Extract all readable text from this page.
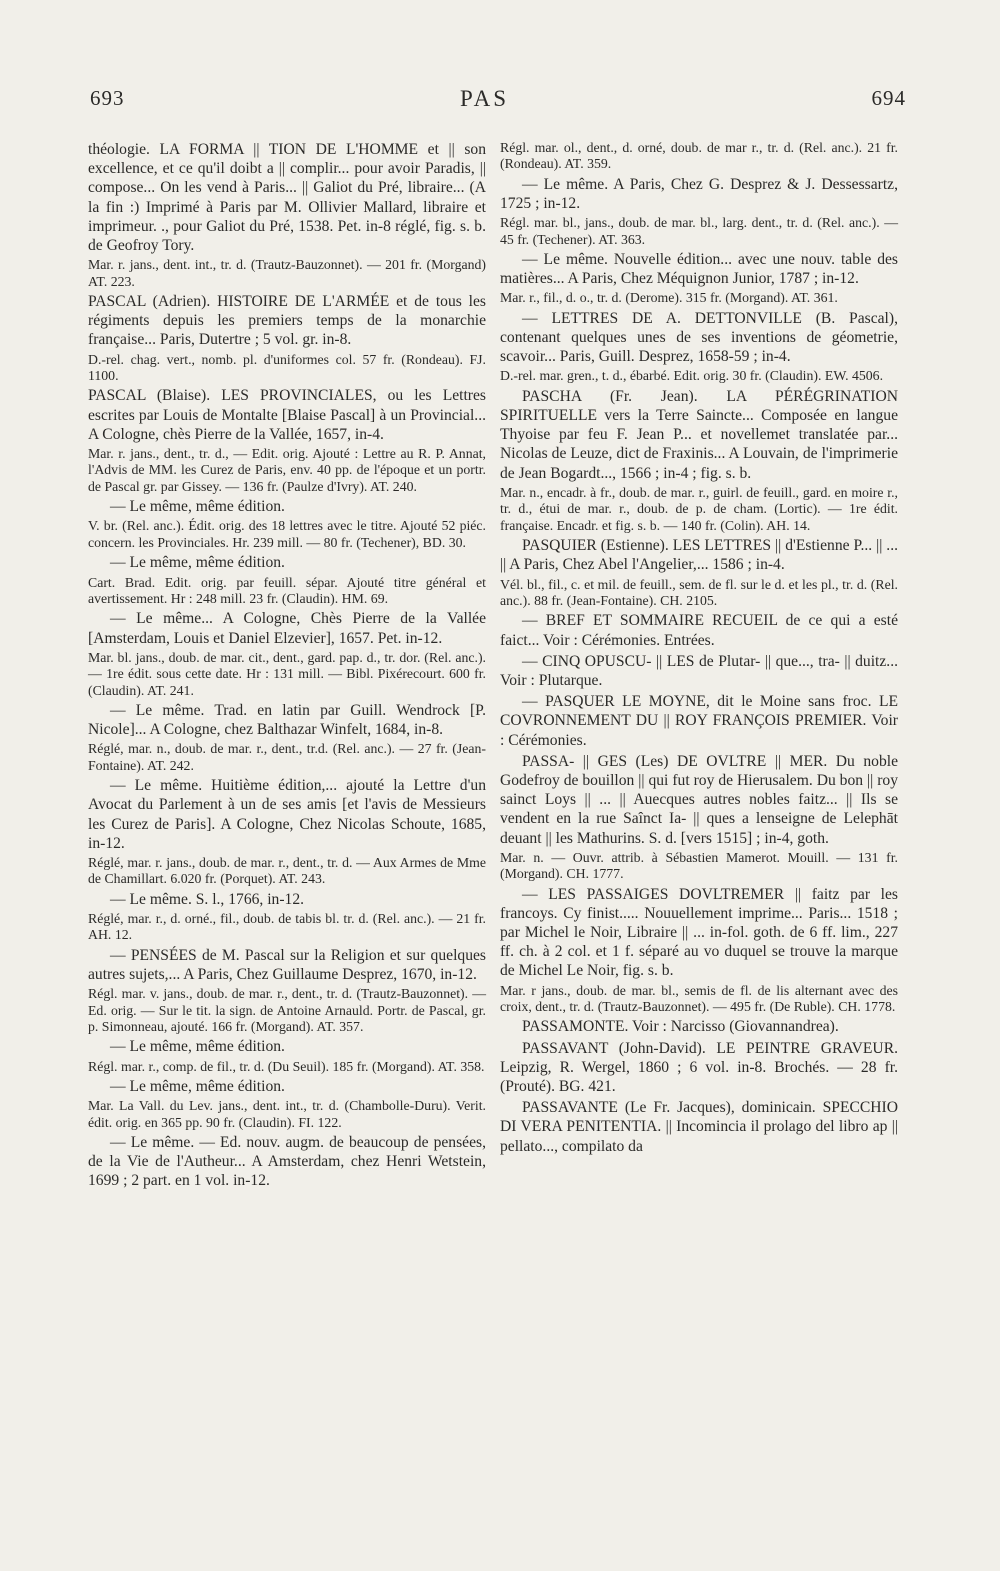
693	PAS	694

théologie. LA FORMA || TION DE L'HOMME et || son excellence, et ce qu'il doibt a || complir... pour avoir Paradis, || compose... On les vend à Paris... || Galiot du Pré, libraire... (A la fin :) Imprimé à Paris par M. Ollivier Mallard, libraire et imprimeur. ., pour Galiot du Pré, 1538. Pet. in-8 réglé, fig. s. b. de Geofroy Tory.

Mar. r. jans., dent. int., tr. d. (Trautz-Bauzonnet). — 201 fr. (Morgand) AT. 223.

PASCAL (Adrien). HISTOIRE DE L'ARMÉE et de tous les régiments depuis les premiers temps de la monarchie française... Paris, Dutertre ; 5 vol. gr. in-8.

D.-rel. chag. vert., nomb. pl. d'uniformes col. 57 fr. (Rondeau). FJ. 1100.

PASCAL (Blaise). LES PROVINCIALES, ou les Lettres escrites par Louis de Montalte [Blaise Pascal] à un Provincial... A Cologne, chès Pierre de la Vallée, 1657, in-4.

Mar. r. jans., dent., tr. d., — Edit. orig. Ajouté : Lettre au R. P. Annat, l'Advis de MM. les Curez de Paris, env. 40 pp. de l'époque et un portr. de Pascal gr. par Gissey. — 136 fr. (Paulze d'Ivry). AT. 240.

— Le même, même édition.

V. br. (Rel. anc.). Édit. orig. des 18 lettres avec le titre. Ajouté 52 piéc. concern. les Provinciales. Hr. 239 mill. — 80 fr. (Techener), BD. 30.

— Le même, même édition.

Cart. Brad. Edit. orig. par feuill. sépar. Ajouté titre général et avertissement. Hr : 248 mill. 23 fr. (Claudin). HM. 69.

— Le même... A Cologne, Chès Pierre de la Vallée [Amsterdam, Louis et Daniel Elzevier], 1657. Pet. in-12.

Mar. bl. jans., doub. de mar. cit., dent., gard. pap. d., tr. dor. (Rel. anc.). — 1re édit. sous cette date. Hr : 131 mill. — Bibl. Pixérecourt. 600 fr. (Claudin). AT. 241.

— Le même. Trad. en latin par Guill. Wendrock [P. Nicole]... A Cologne, chez Balthazar Winfelt, 1684, in-8.

Réglé, mar. n., doub. de mar. r., dent., tr.d. (Rel. anc.). — 27 fr. (Jean-Fontaine). AT. 242.

— Le même. Huitième édition,... ajouté la Lettre d'un Avocat du Parlement à un de ses amis [et l'avis de Messieurs les Curez de Paris]. A Cologne, Chez Nicolas Schoute, 1685, in-12.

Réglé, mar. r. jans., doub. de mar. r., dent., tr. d. — Aux Armes de Mme de Chamillart. 6.020 fr. (Porquet). AT. 243.

— Le même. S. l., 1766, in-12.

Réglé, mar. r., d. orné., fil., doub. de tabis bl. tr. d. (Rel. anc.). — 21 fr. AH. 12.

— PENSÉES de M. Pascal sur la Religion et sur quelques autres sujets,... A Paris, Chez Guillaume Desprez, 1670, in-12.

Régl. mar. v. jans., doub. de mar. r., dent., tr. d. (Trautz-Bauzonnet). — Ed. orig. — Sur le tit. la sign. de Antoine Arnauld. Portr. de Pascal, gr. p. Simonneau, ajouté. 166 fr. (Morgand). AT. 357.

— Le même, même édition.

Régl. mar. r., comp. de fil., tr. d. (Du Seuil). 185 fr. (Morgand). AT. 358.

— Le même, même édition.

Mar. La Vall. du Lev. jans., dent. int., tr. d. (Chambolle-Duru). Verit. édit. orig. en 365 pp. 90 fr. (Claudin). FI. 122.

— Le même. — Ed. nouv. augm. de beaucoup de pensées, de la Vie de l'Autheur... A Amsterdam, chez Henri Wetstein, 1699 ; 2 part. en 1 vol. in-12.

Régl. mar. ol., dent., d. orné, doub. de mar r., tr. d. (Rel. anc.). 21 fr. (Rondeau). AT. 359.

— Le même. A Paris, Chez G. Desprez & J. Dessessartz, 1725 ; in-12.

Régl. mar. bl., jans., doub. de mar. bl., larg. dent., tr. d. (Rel. anc.). — 45 fr. (Techener). AT. 363.

— Le même. Nouvelle édition... avec une nouv. table des matières... A Paris, Chez Méquignon Junior, 1787 ; in-12.

Mar. r., fil., d. o., tr. d. (Derome). 315 fr. (Morgand). AT. 361.

— LETTRES DE A. DETTONVILLE (B. Pascal), contenant quelques unes de ses inventions de géometrie, scavoir... Paris, Guill. Desprez, 1658-59 ; in-4.

D.-rel. mar. gren., t. d., ébarbé. Edit. orig. 30 fr. (Claudin). EW. 4506.

PASCHA (Fr. Jean). LA PÉRÉGRINATION SPIRITUELLE vers la Terre Saincte... Composée en langue Thyoise par feu F. Jean P... et novellemet translatée par... Nicolas de Leuze, dict de Fraxinis... A Louvain, de l'imprimerie de Jean Bogardt..., 1566 ; in-4 ; fig. s. b.

Mar. n., encadr. à fr., doub. de mar. r., guirl. de feuill., gard. en moire r., tr. d., étui de mar. r., doub. de p. de cham. (Lortic). — 1re édit. française. Encadr. et fig. s. b. — 140 fr. (Colin). AH. 14.

PASQUIER (Estienne). LES LETTRES || d'Estienne P... || ... || A Paris, Chez Abel l'Angelier,... 1586 ; in-4.

Vél. bl., fil., c. et mil. de feuill., sem. de fl. sur le d. et les pl., tr. d. (Rel. anc.). 88 fr. (Jean-Fontaine). CH. 2105.

— BREF ET SOMMAIRE RECUEIL de ce qui a esté faict... Voir : Cérémonies. Entrées.

— CINQ OPUSCU- || LES de Plutar- || que..., tra- || duitz... Voir : Plutarque.

— PASQUER LE MOYNE, dit le Moine sans froc. LE COVRONNEMENT DU || ROY FRANÇOIS PREMIER. Voir : Cérémonies.

PASSA- || GES (Les) DE OVLTRE || MER. Du noble Godefroy de bouillon || qui fut roy de Hierusalem. Du bon || roy sainct Loys || ... || Auecques autres nobles faitz... || Ils se vendent en la rue Saînct Ia- || ques a lenseigne de Lelephāt deuant || les Mathurins. S. d. [vers 1515] ; in-4, goth.

Mar. n. — Ouvr. attrib. à Sébastien Mamerot. Mouill. — 131 fr. (Morgand). CH. 1777.

— LES PASSAIGES DOVLTREMER || faitz par les francoys. Cy finist..... Nouuellement imprime... Paris... 1518 ; par Michel le Noir, Libraire || ... in-fol. goth. de 6 ff. lim., 227 ff. ch. à 2 col. et 1 f. séparé au vo duquel se trouve la marque de Michel Le Noir, fig. s. b.

Mar. r jans., doub. de mar. bl., semis de fl. de lis alternant avec des croix, dent., tr. d. (Trautz-Bauzonnet). — 495 fr. (De Ruble). CH. 1778.

PASSAMONTE. Voir : Narcisso (Giovannandrea).

PASSAVANT (John-David). LE PEINTRE GRAVEUR. Leipzig, R. Wergel, 1860 ; 6 vol. in-8. Brochés. — 28 fr. (Prouté). BG. 421.

PASSAVANTE (Le Fr. Jacques), dominicain. SPECCHIO DI VERA PENITENTIA. || Incomincia il prolago del libro ap || pellato..., compilato da
